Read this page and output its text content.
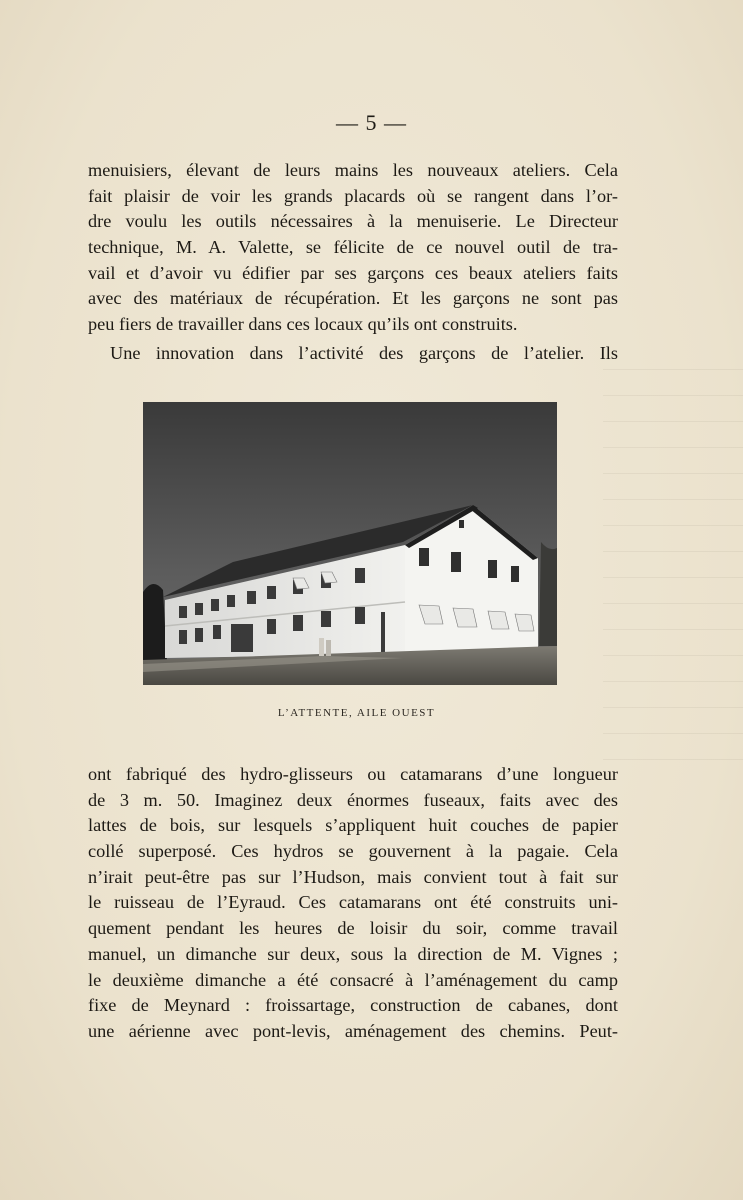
— 5 —
menuisiers, élevant de leurs mains les nouveaux ateliers. Cela
fait plaisir de voir les grands placards où se rangent dans l’or-
dre voulu les outils nécessaires à la menuiserie. Le Directeur
technique, M. A. Valette, se félicite de ce nouvel outil de tra-
vail et d’avoir vu édifier par ses garçons ces beaux ateliers faits
avec des matériaux de récupération. Et les garçons ne sont pas
peu fiers de travailler dans ces locaux qu’ils ont construits.
Une innovation dans l’activité des garçons de l’atelier. Ils
L’ATTENTE, AILE OUEST
ont fabriqué des hydro-glisseurs ou catamarans d’une longueur
de 3 m. 50. Imaginez deux énormes fuseaux, faits avec des
lattes de bois, sur lesquels s’appliquent huit couches de papier
collé superposé. Ces hydros se gouvernent à la pagaie. Cela
n’irait peut-être pas sur l’Hudson, mais convient tout à fait sur
le ruisseau de l’Eyraud. Ces catamarans ont été construits uni-
quement pendant les heures de loisir du soir, comme travail
manuel, un dimanche sur deux, sous la direction de M. Vignes ;
le deuxième dimanche a été consacré à l’aménagement du camp
fixe de Meynard : froissartage, construction de cabanes, dont
une aérienne avec pont-levis, aménagement des chemins. Peut-
